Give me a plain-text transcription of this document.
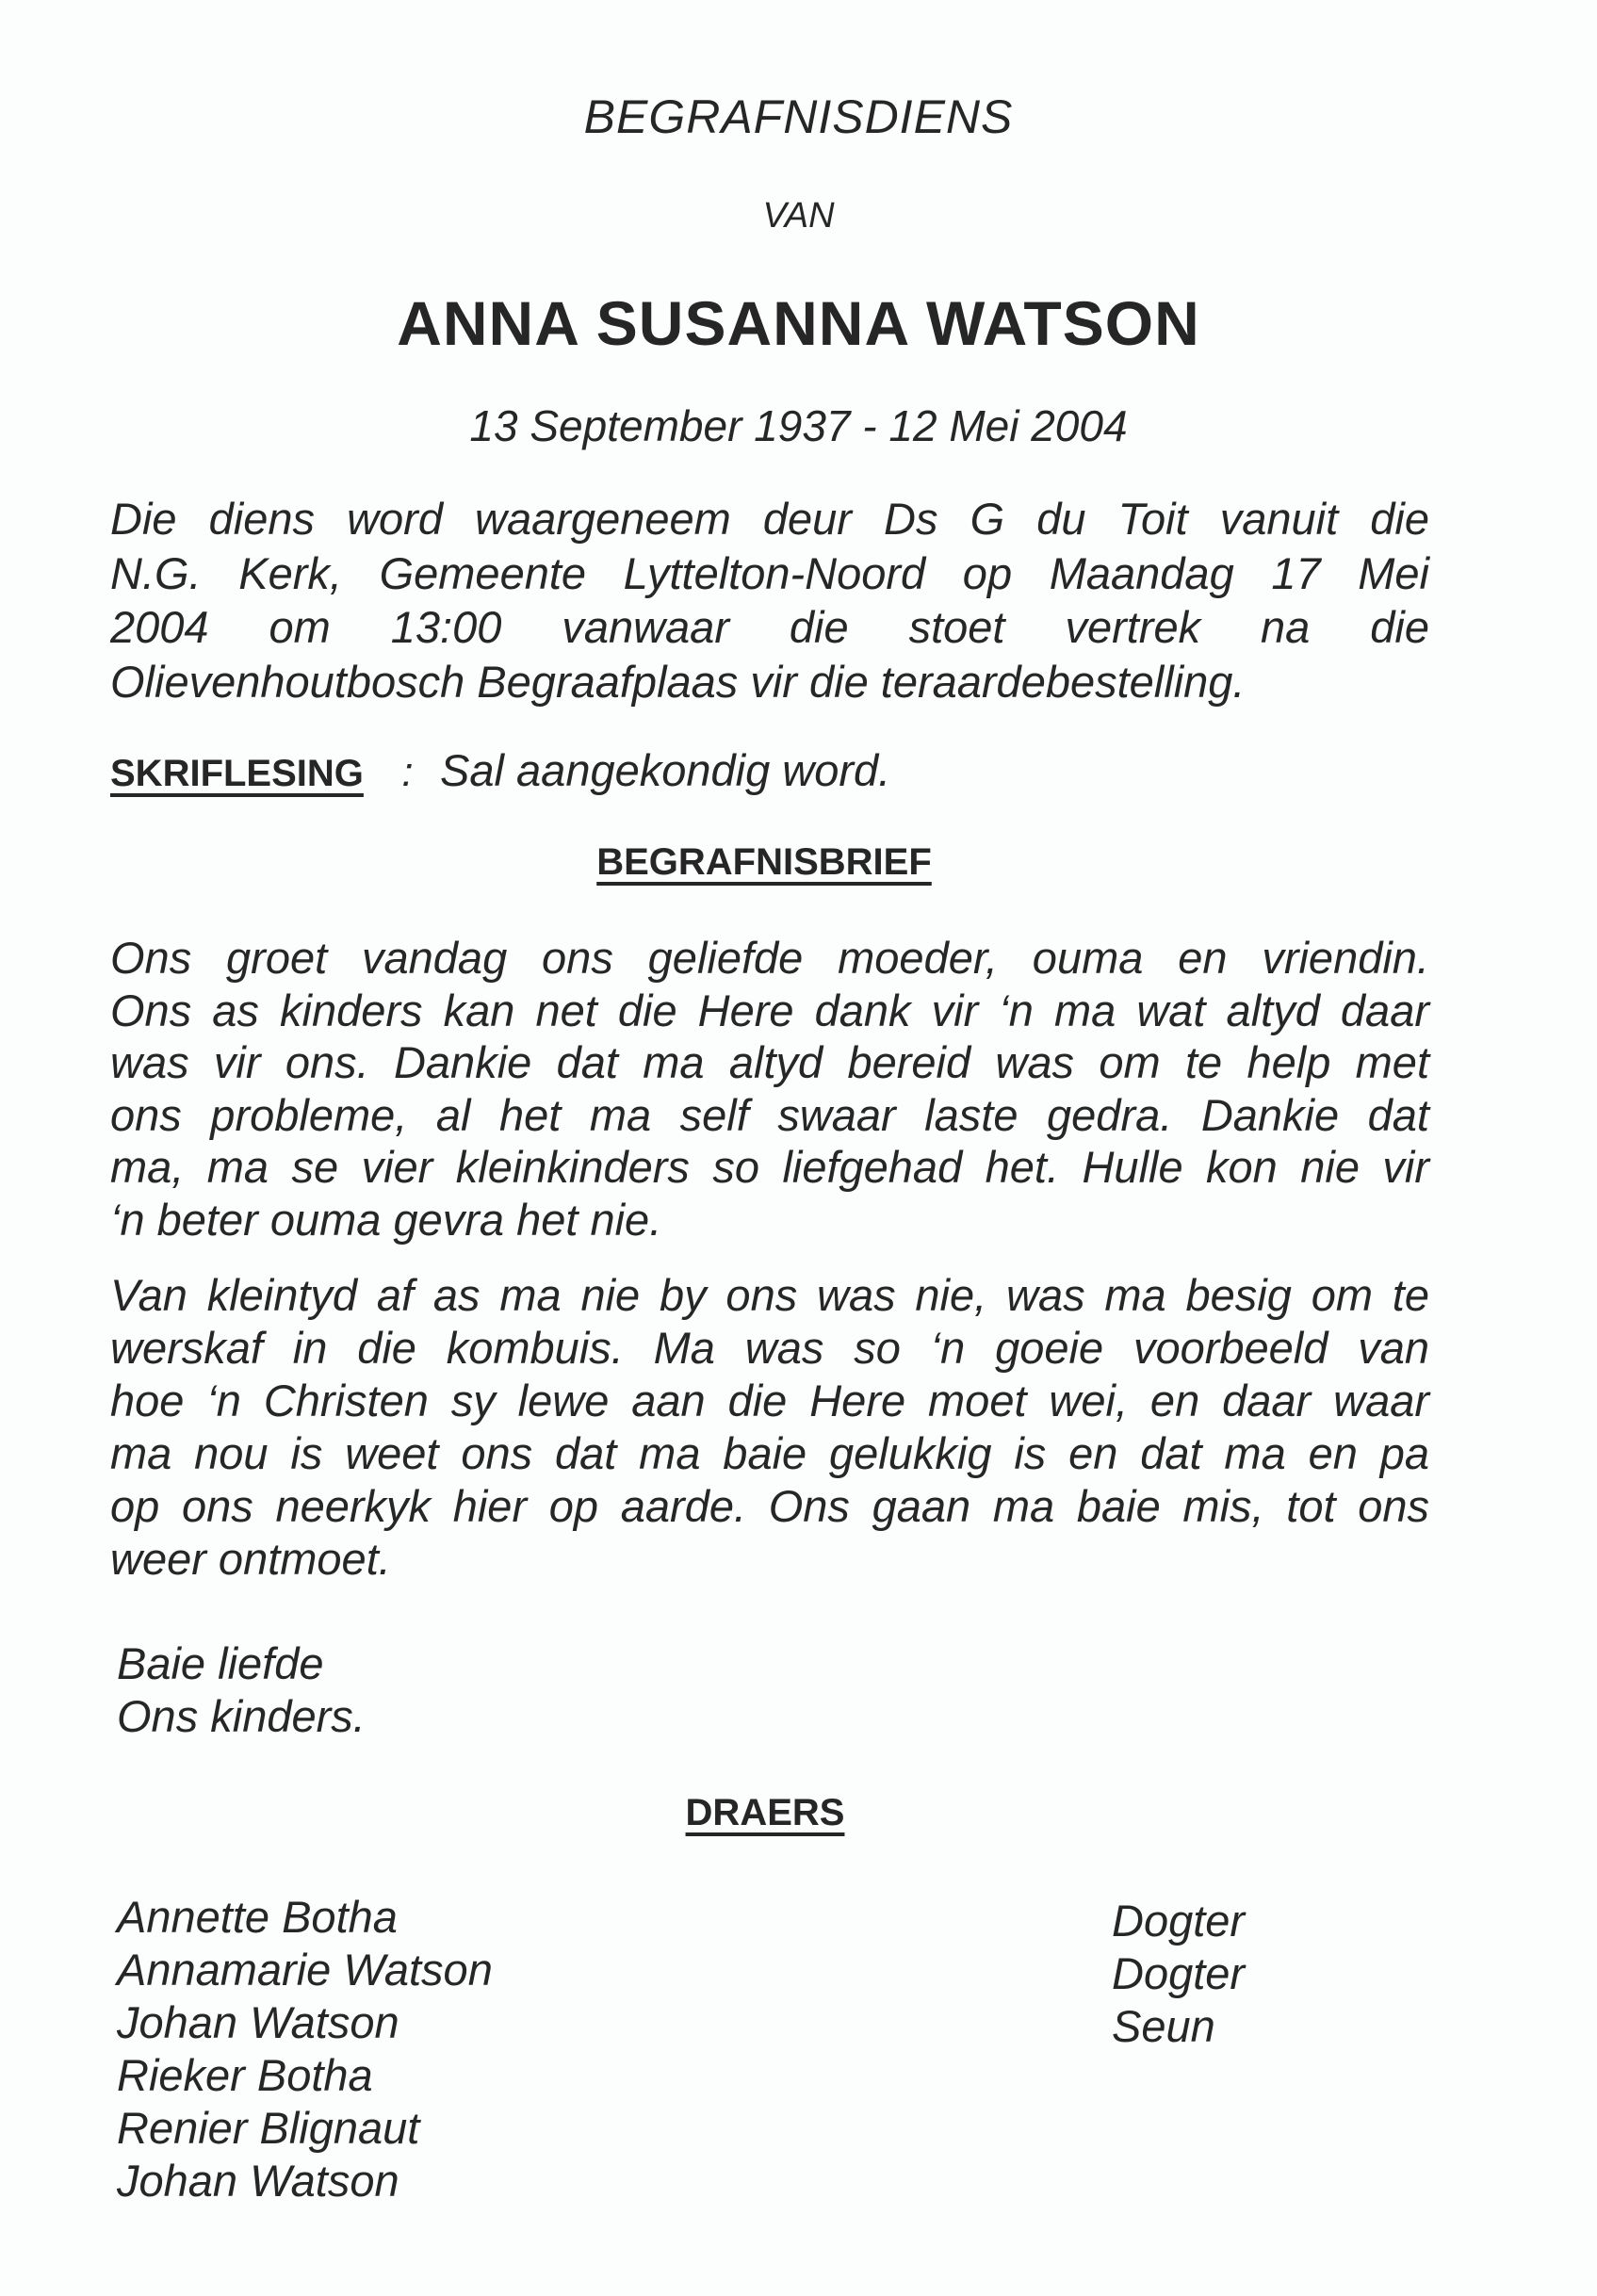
BEGRAFNISDIENS
VAN
ANNA SUSANNA WATSON
13 September 1937 - 12 Mei 2004
Die diens word waargeneem deur Ds G du Toit vanuit die
N.G. Kerk, Gemeente Lyttelton-Noord op Maandag 17 Mei
2004 om 13:00 vanwaar die stoet vertrek na die
Olievenhoutbosch Begraafplaas vir die teraardebestelling.
SKRIFLESING : Sal aangekondig word.
BEGRAFNISBRIEF
Ons groet vandag ons geliefde moeder, ouma en vriendin.
Ons as kinders kan net die Here dank vir ‘n ma wat altyd daar
was vir ons. Dankie dat ma altyd bereid was om te help met
ons probleme, al het ma self swaar laste gedra. Dankie dat
ma, ma se vier kleinkinders so liefgehad het. Hulle kon nie vir
‘n beter ouma gevra het nie.
Van kleintyd af as ma nie by ons was nie, was ma besig om te
werskaf in die kombuis. Ma was so ‘n goeie voorbeeld van
hoe ‘n Christen sy lewe aan die Here moet wei, en daar waar
ma nou is weet ons dat ma baie gelukkig is en dat ma en pa
op ons neerkyk hier op aarde. Ons gaan ma baie mis, tot ons
weer ontmoet.
Baie liefde
Ons kinders.
DRAERS
Annette Botha
Annamarie Watson
Johan Watson
Rieker Botha
Renier Blignaut
Johan Watson
Dogter
Dogter
Seun
